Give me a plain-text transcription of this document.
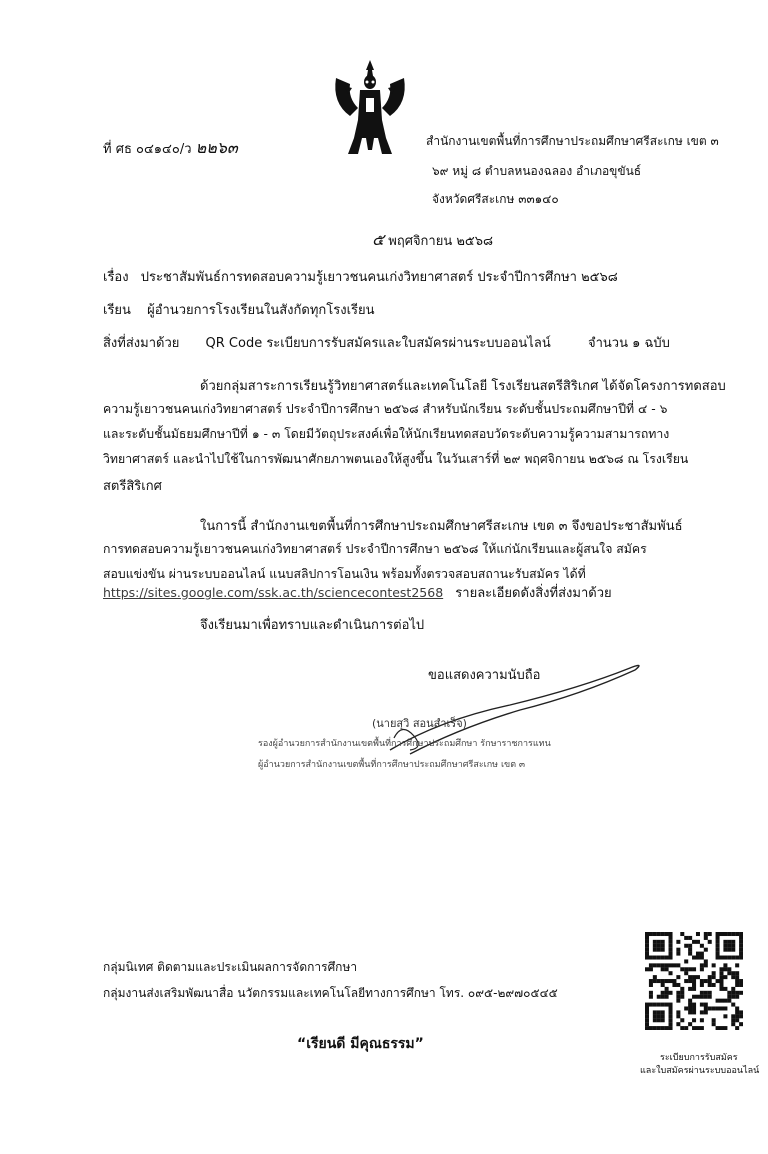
ที่ ศธ ๐๔๑๔๐/ว ๒๒๖๓	สำนักงานเขตพื้นที่การศึกษาประถมศึกษาศรีสะเกษ เขต ๓
๖๙ หมู่ ๘ ตำบลหนองฉลอง อำเภอขุขันธ์
จังหวัดศรีสะเกษ ๓๓๑๔๐
๕ พฤศจิกายน ๒๕๖๘
เรื่อง ประชาสัมพันธ์การทดสอบความรู้เยาวชนคนเก่งวิทยาศาสตร์ ประจำปีการศึกษา ๒๕๖๘
เรียน ผู้อำนวยการโรงเรียนในสังกัดทุกโรงเรียน
สิ่งที่ส่งมาด้วย QR Code ระเบียบการรับสมัครและใบสมัครผ่านระบบออนไลน์	จำนวน ๑ ฉบับ
ด้วยกลุ่มสาระการเรียนรู้วิทยาศาสตร์และเทคโนโลยี โรงเรียนสตรีสิริเกศ ได้จัดโครงการทดสอบ
ความรู้เยาวชนคนเก่งวิทยาศาสตร์ ประจำปีการศึกษา ๒๕๖๘ สำหรับนักเรียน ระดับชั้นประถมศึกษาปีที่ ๔ - ๖
และระดับชั้นมัธยมศึกษาปีที่ ๑ - ๓ โดยมีวัตถุประสงค์เพื่อให้นักเรียนทดสอบวัดระดับความรู้ความสามารถทาง
วิทยาศาสตร์ และนำไปใช้ในการพัฒนาศักยภาพตนเองให้สูงขึ้น ในวันเสาร์ที่ ๒๙ พฤศจิกายน ๒๕๖๘ ณ โรงเรียน
สตรีสิริเกศ
ในการนี้ สำนักงานเขตพื้นที่การศึกษาประถมศึกษาศรีสะเกษ เขต ๓ จึงขอประชาสัมพันธ์
การทดสอบความรู้เยาวชนคนเก่งวิทยาศาสตร์ ประจำปีการศึกษา ๒๕๖๘ ให้แก่นักเรียนและผู้สนใจ สมัคร
สอบแข่งขัน ผ่านระบบออนไลน์ แนบสลิปการโอนเงิน พร้อมทั้งตรวจสอบสถานะรับสมัคร ได้ที่
https://sites.google.com/ssk.ac.th/sciencecontest2568 รายละเอียดดังสิ่งที่ส่งมาด้วย
จึงเรียนมาเพื่อทราบและดำเนินการต่อไป
ขอแสดงความนับถือ
(นายสุวิ สอนสำเร็จ)
รองผู้อำนวยการสำนักงานเขตพื้นที่การศึกษาประถมศึกษา รักษาราชการแทน
ผู้อำนวยการสำนักงานเขตพื้นที่การศึกษาประถมศึกษาศรีสะเกษ เขต ๓
กลุ่มนิเทศ ติดตามและประเมินผลการจัดการศึกษา
กลุ่มงานส่งเสริมพัฒนาสื่อ นวัตกรรมและเทคโนโลยีทางการศึกษา โทร. ๐๙๕-๒๙๗๐๕๔๕
“เรียนดี มีคุณธรรม”
ระเบียบการรับสมัคร
และใบสมัครผ่านระบบออนไลน์
